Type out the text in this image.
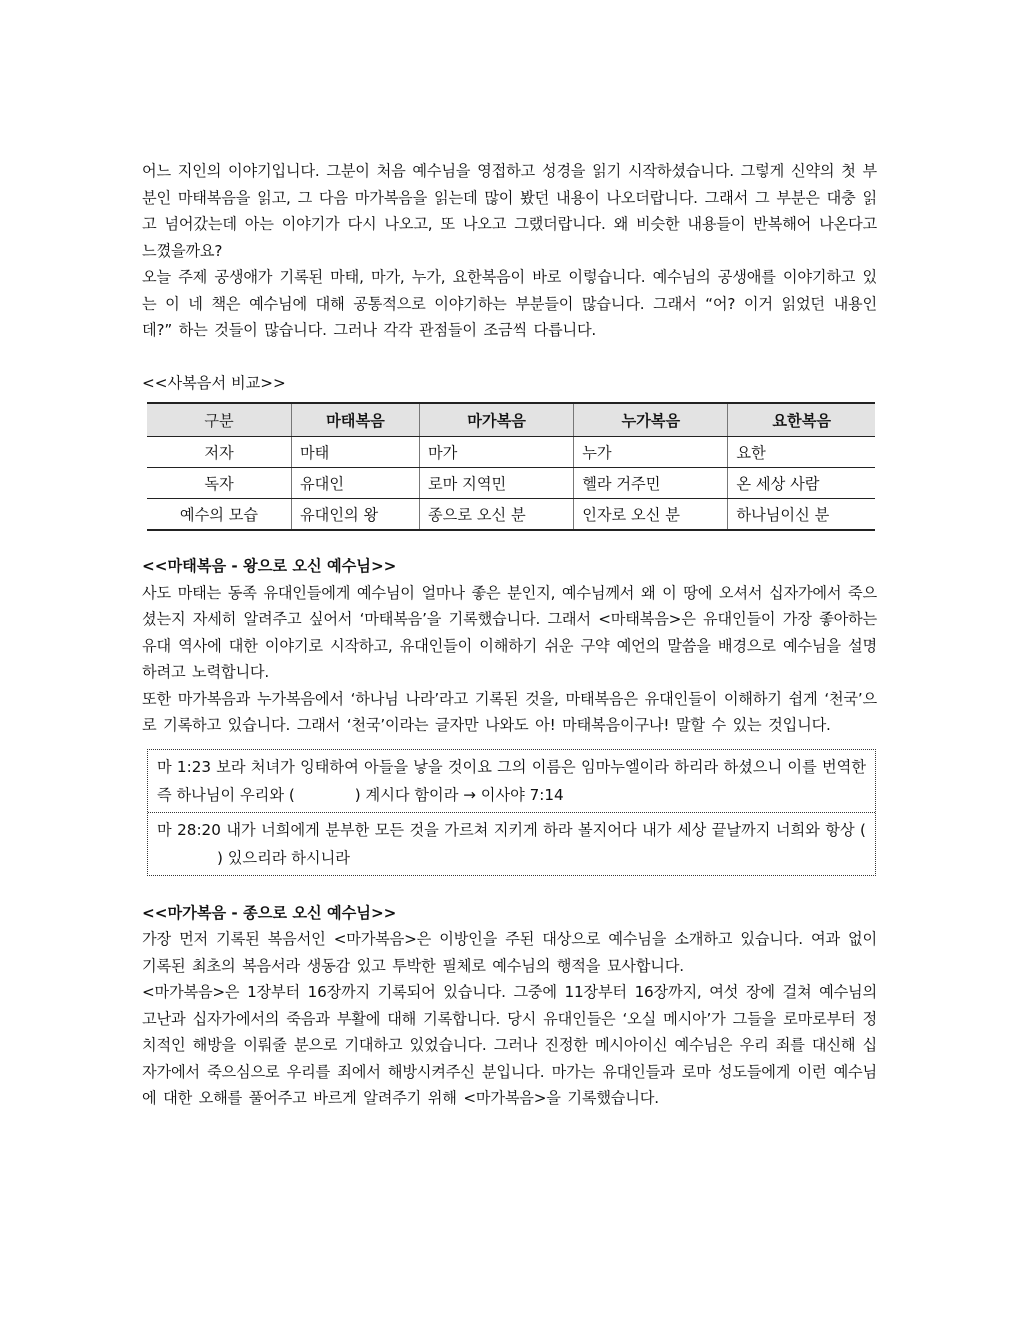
어느 지인의 이야기입니다. 그분이 처음 예수님을 영접하고 성경을 읽기 시작하셨습니다. 그렇게 신약의 첫 부분인 마태복음을 읽고, 그 다음 마가복음을 읽는데 많이 봤던 내용이 나오더랍니다. 그래서 그 부분은 대충 읽고 넘어갔는데 아는 이야기가 다시 나오고, 또 나오고 그랬더랍니다. 왜 비슷한 내용들이 반복해어 나온다고 느꼈을까요?

오늘 주제 공생애가 기록된 마태, 마가, 누가, 요한복음이 바로 이렇습니다. 예수님의 공생애를 이야기하고 있는 이 네 책은 예수님에 대해 공통적으로 이야기하는 부분들이 많습니다. 그래서 “어? 이거 읽었던 내용인데?” 하는 것들이 많습니다. 그러나 각각 관점들이 조금씩 다릅니다.

<<사복음서 비교>>

구분	마태복음	마가복음	누가복음	요한복음
저자	마태	마가	누가	요한
독자	유대인	로마 지역민	헬라 거주민	온 세상 사람
예수의 모습	유대인의 왕	종으로 오신 분	인자로 오신 분	하나님이신 분

<<마태복음 - 왕으로 오신 예수님>>

사도 마태는 동족 유대인들에게 예수님이 얼마나 좋은 분인지, 예수님께서 왜 이 땅에 오셔서 십자가에서 죽으셨는지 자세히 알려주고 싶어서 ‘마태복음’을 기록했습니다. 그래서 <마태복음>은 유대인들이 가장 좋아하는 유대 역사에 대한 이야기로 시작하고, 유대인들이 이해하기 쉬운 구약 예언의 말씀을 배경으로 예수님을 설명하려고 노력합니다.

또한 마가복음과 누가복음에서 ‘하나님 나라’라고 기록된 것을, 마태복음은 유대인들이 이해하기 쉽게 ‘천국’으로 기록하고 있습니다. 그래서 ‘천국’이라는 글자만 나와도 아! 마태복음이구나! 말할 수 있는 것입니다.

마 1:23 보라 처녀가 잉태하여 아들을 낳을 것이요 그의 이름은 임마누엘이라 하리라 하셨으니 이를 번역한즉 하나님이 우리와 (	) 계시다 함이라 → 이사야 7:14
마 28:20 내가 너희에게 분부한 모든 것을 가르쳐 지키게 하라 볼지어다 내가 세상 끝날까지 너희와 항상 () 있으리라 하시니라

<<마가복음 - 종으로 오신 예수님>>

가장 먼저 기록된 복음서인 <마가복음>은 이방인을 주된 대상으로 예수님을 소개하고 있습니다. 여과 없이 기록된 최초의 복음서라 생동감 있고 투박한 필체로 예수님의 행적을 묘사합니다.

<마가복음>은 1장부터 16장까지 기록되어 있습니다. 그중에 11장부터 16장까지, 여섯 장에 걸쳐 예수님의 고난과 십자가에서의 죽음과 부활에 대해 기록합니다. 당시 유대인들은 ‘오실 메시아’가 그들을 로마로부터 정치적인 해방을 이뤄줄 분으로 기대하고 있었습니다. 그러나 진정한 메시아이신 예수님은 우리 죄를 대신해 십자가에서 죽으심으로 우리를 죄에서 해방시켜주신 분입니다. 마가는 유대인들과 로마 성도들에게 이런 예수님에 대한 오해를 풀어주고 바르게 알려주기 위해 <마가복음>을 기록했습니다.
